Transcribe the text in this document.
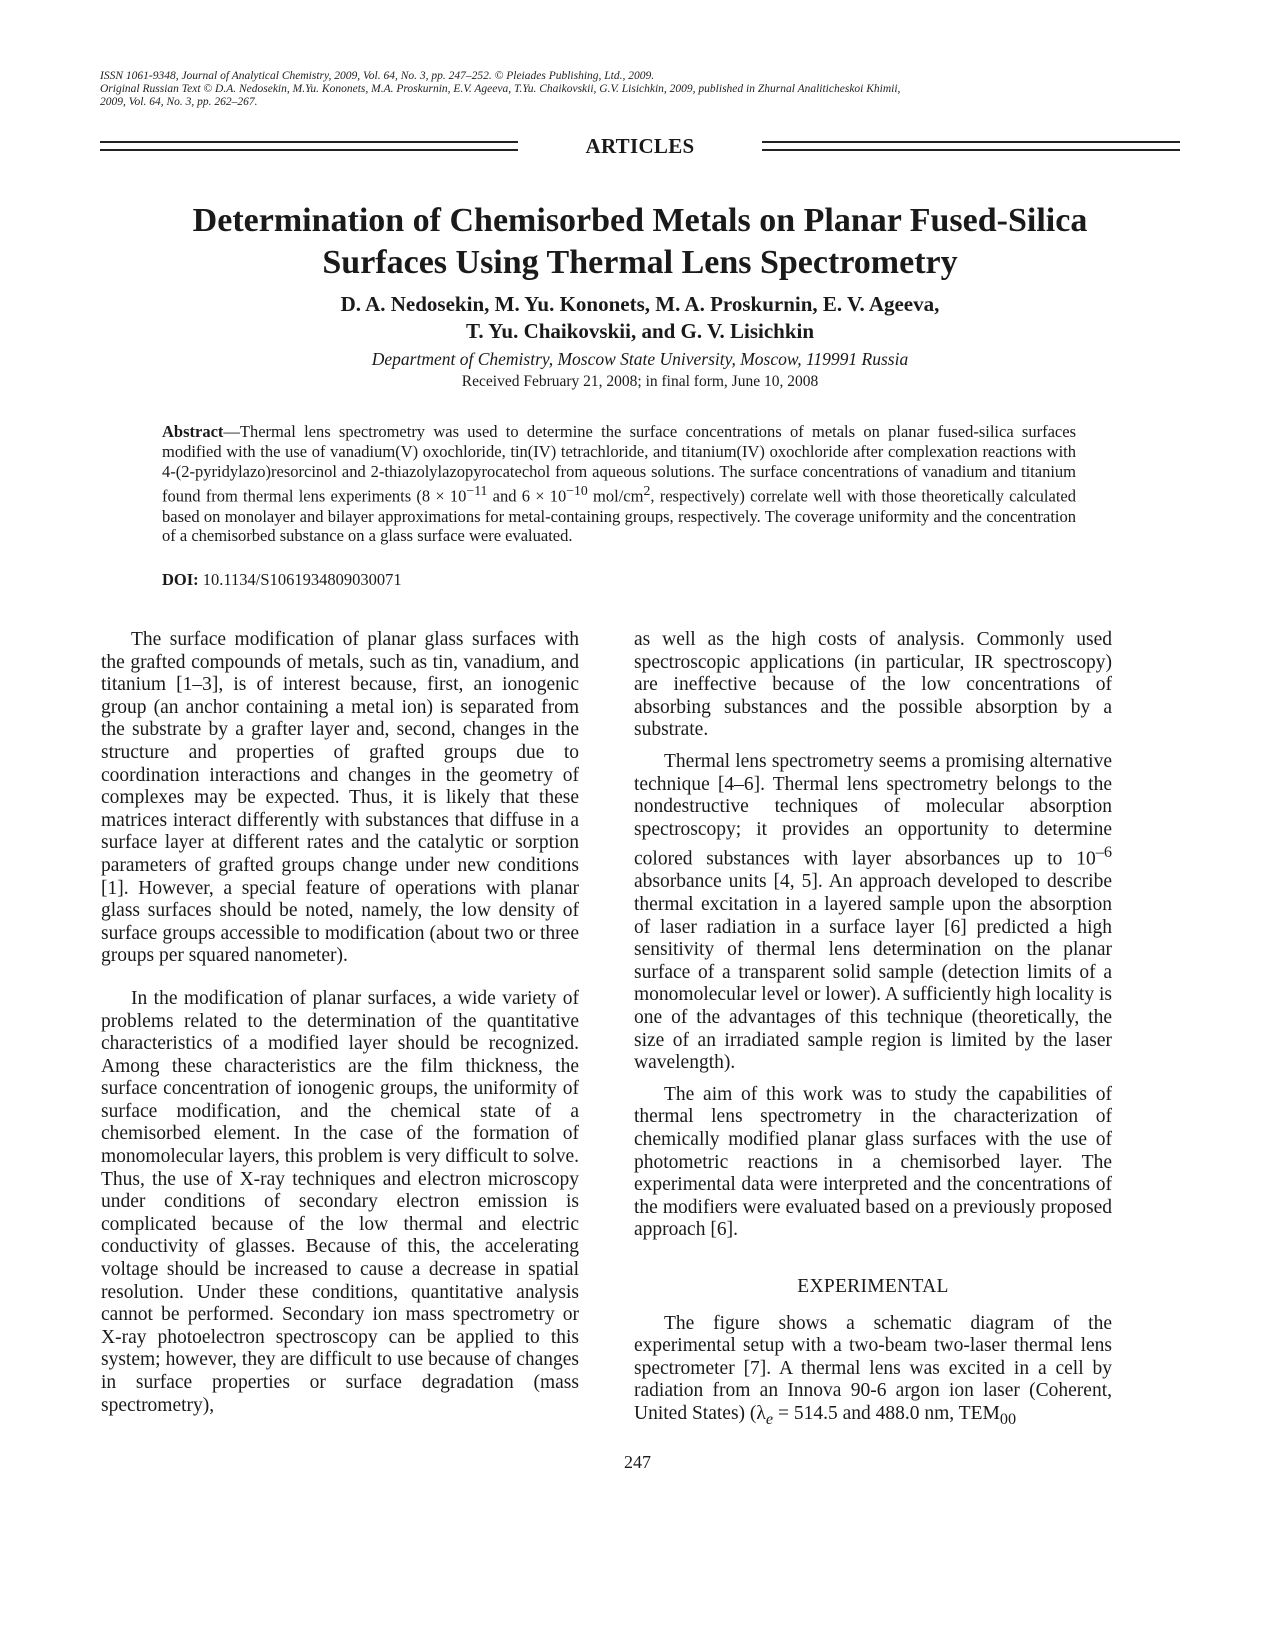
ISSN 1061-9348, Journal of Analytical Chemistry, 2009, Vol. 64, No. 3, pp. 247–252. © Pleiades Publishing, Ltd., 2009.
Original Russian Text © D.A. Nedosekin, M.Yu. Kononets, M.A. Proskurnin, E.V. Ageeva, T.Yu. Chaikovskii, G.V. Lisichkin, 2009, published in Zhurnal Analiticheskoi Khimii,
2009, Vol. 64, No. 3, pp. 262–267.
ARTICLES
Determination of Chemisorbed Metals on Planar Fused-Silica
Surfaces Using Thermal Lens Spectrometry
D. A. Nedosekin, M. Yu. Kononets, M. A. Proskurnin, E. V. Ageeva,
T. Yu. Chaikovskii, and G. V. Lisichkin
Department of Chemistry, Moscow State University, Moscow, 119991 Russia
Received February 21, 2008; in final form, June 10, 2008
Abstract—Thermal lens spectrometry was used to determine the surface concentrations of metals on planar fused-silica surfaces modified with the use of vanadium(V) oxochloride, tin(IV) tetrachloride, and titanium(IV) oxochloride after complexation reactions with 4-(2-pyridylazo)resorcinol and 2-thiazolylazopyrocatechol from aqueous solutions. The surface concentrations of vanadium and titanium found from thermal lens experiments ($8 \times 10^{-11}$ and $6 \times 10^{-10}$ mol/$cm^2$, respectively) correlate well with those theoretically calculated based on monolayer and bilayer approximations for metal-containing groups, respectively. The coverage uniformity and the concentration of a chemisorbed substance on a glass surface were evaluated.
DOI: 10.1134/S1061934809030071

The surface modification of planar glass surfaces with the grafted compounds of metals, such as tin, vanadium, and titanium [1–3], is of interest because, first, an ionogenic group (an anchor containing a metal ion) is separated from the substrate by a grafter layer and, second, changes in the structure and properties of grafted groups due to coordination interactions and changes in the geometry of complexes may be expected. Thus, it is likely that these matrices interact differently with substances that diffuse in a surface layer at different rates and the catalytic or sorption parameters of grafted groups change under new conditions [1]. However, a special feature of operations with planar glass surfaces should be noted, namely, the low density of surface groups accessible to modification (about two or three groups per squared nanometer).

In the modification of planar surfaces, a wide variety of problems related to the determination of the quantitative characteristics of a modified layer should be recognized. Among these characteristics are the film thickness, the surface concentration of ionogenic groups, the uniformity of surface modification, and the chemical state of a chemisorbed element. In the case of the formation of monomolecular layers, this problem is very difficult to solve. Thus, the use of X-ray techniques and electron microscopy under conditions of secondary electron emission is complicated because of the low thermal and electric conductivity of glasses. Because of this, the accelerating voltage should be increased to cause a decrease in spatial resolution. Under these conditions, quantitative analysis cannot be performed. Secondary ion mass spectrometry or X-ray photoelectron spectroscopy can be applied to this system; however, they are difficult to use because of changes in surface properties or surface degradation (mass spectrometry),

as well as the high costs of analysis. Commonly used spectroscopic applications (in particular, IR spectroscopy) are ineffective because of the low concentrations of absorbing substances and the possible absorption by a substrate.

Thermal lens spectrometry seems a promising alternative technique [4–6]. Thermal lens spectrometry belongs to the nondestructive techniques of molecular absorption spectroscopy; it provides an opportunity to determine colored substances with layer absorbances up to $10^{-6}$ absorbance units [4, 5]. An approach developed to describe thermal excitation in a layered sample upon the absorption of laser radiation in a surface layer [6] predicted a high sensitivity of thermal lens determination on the planar surface of a transparent solid sample (detection limits of a monomolecular level or lower). A sufficiently high locality is one of the advantages of this technique (theoretically, the size of an irradiated sample region is limited by the laser wavelength).

The aim of this work was to study the capabilities of thermal lens spectrometry in the characterization of chemically modified planar glass surfaces with the use of photometric reactions in a chemisorbed layer. The experimental data were interpreted and the concentrations of the modifiers were evaluated based on a previously proposed approach [6].

EXPERIMENTAL

The figure shows a schematic diagram of the experimental setup with a two-beam two-laser thermal lens spectrometer [7]. A thermal lens was excited in a cell by radiation from an Innova 90-6 argon ion laser (Coherent, United States) ($\lambda_e = 514.5$ and 488.0 nm, $TEM_{00}$

247
